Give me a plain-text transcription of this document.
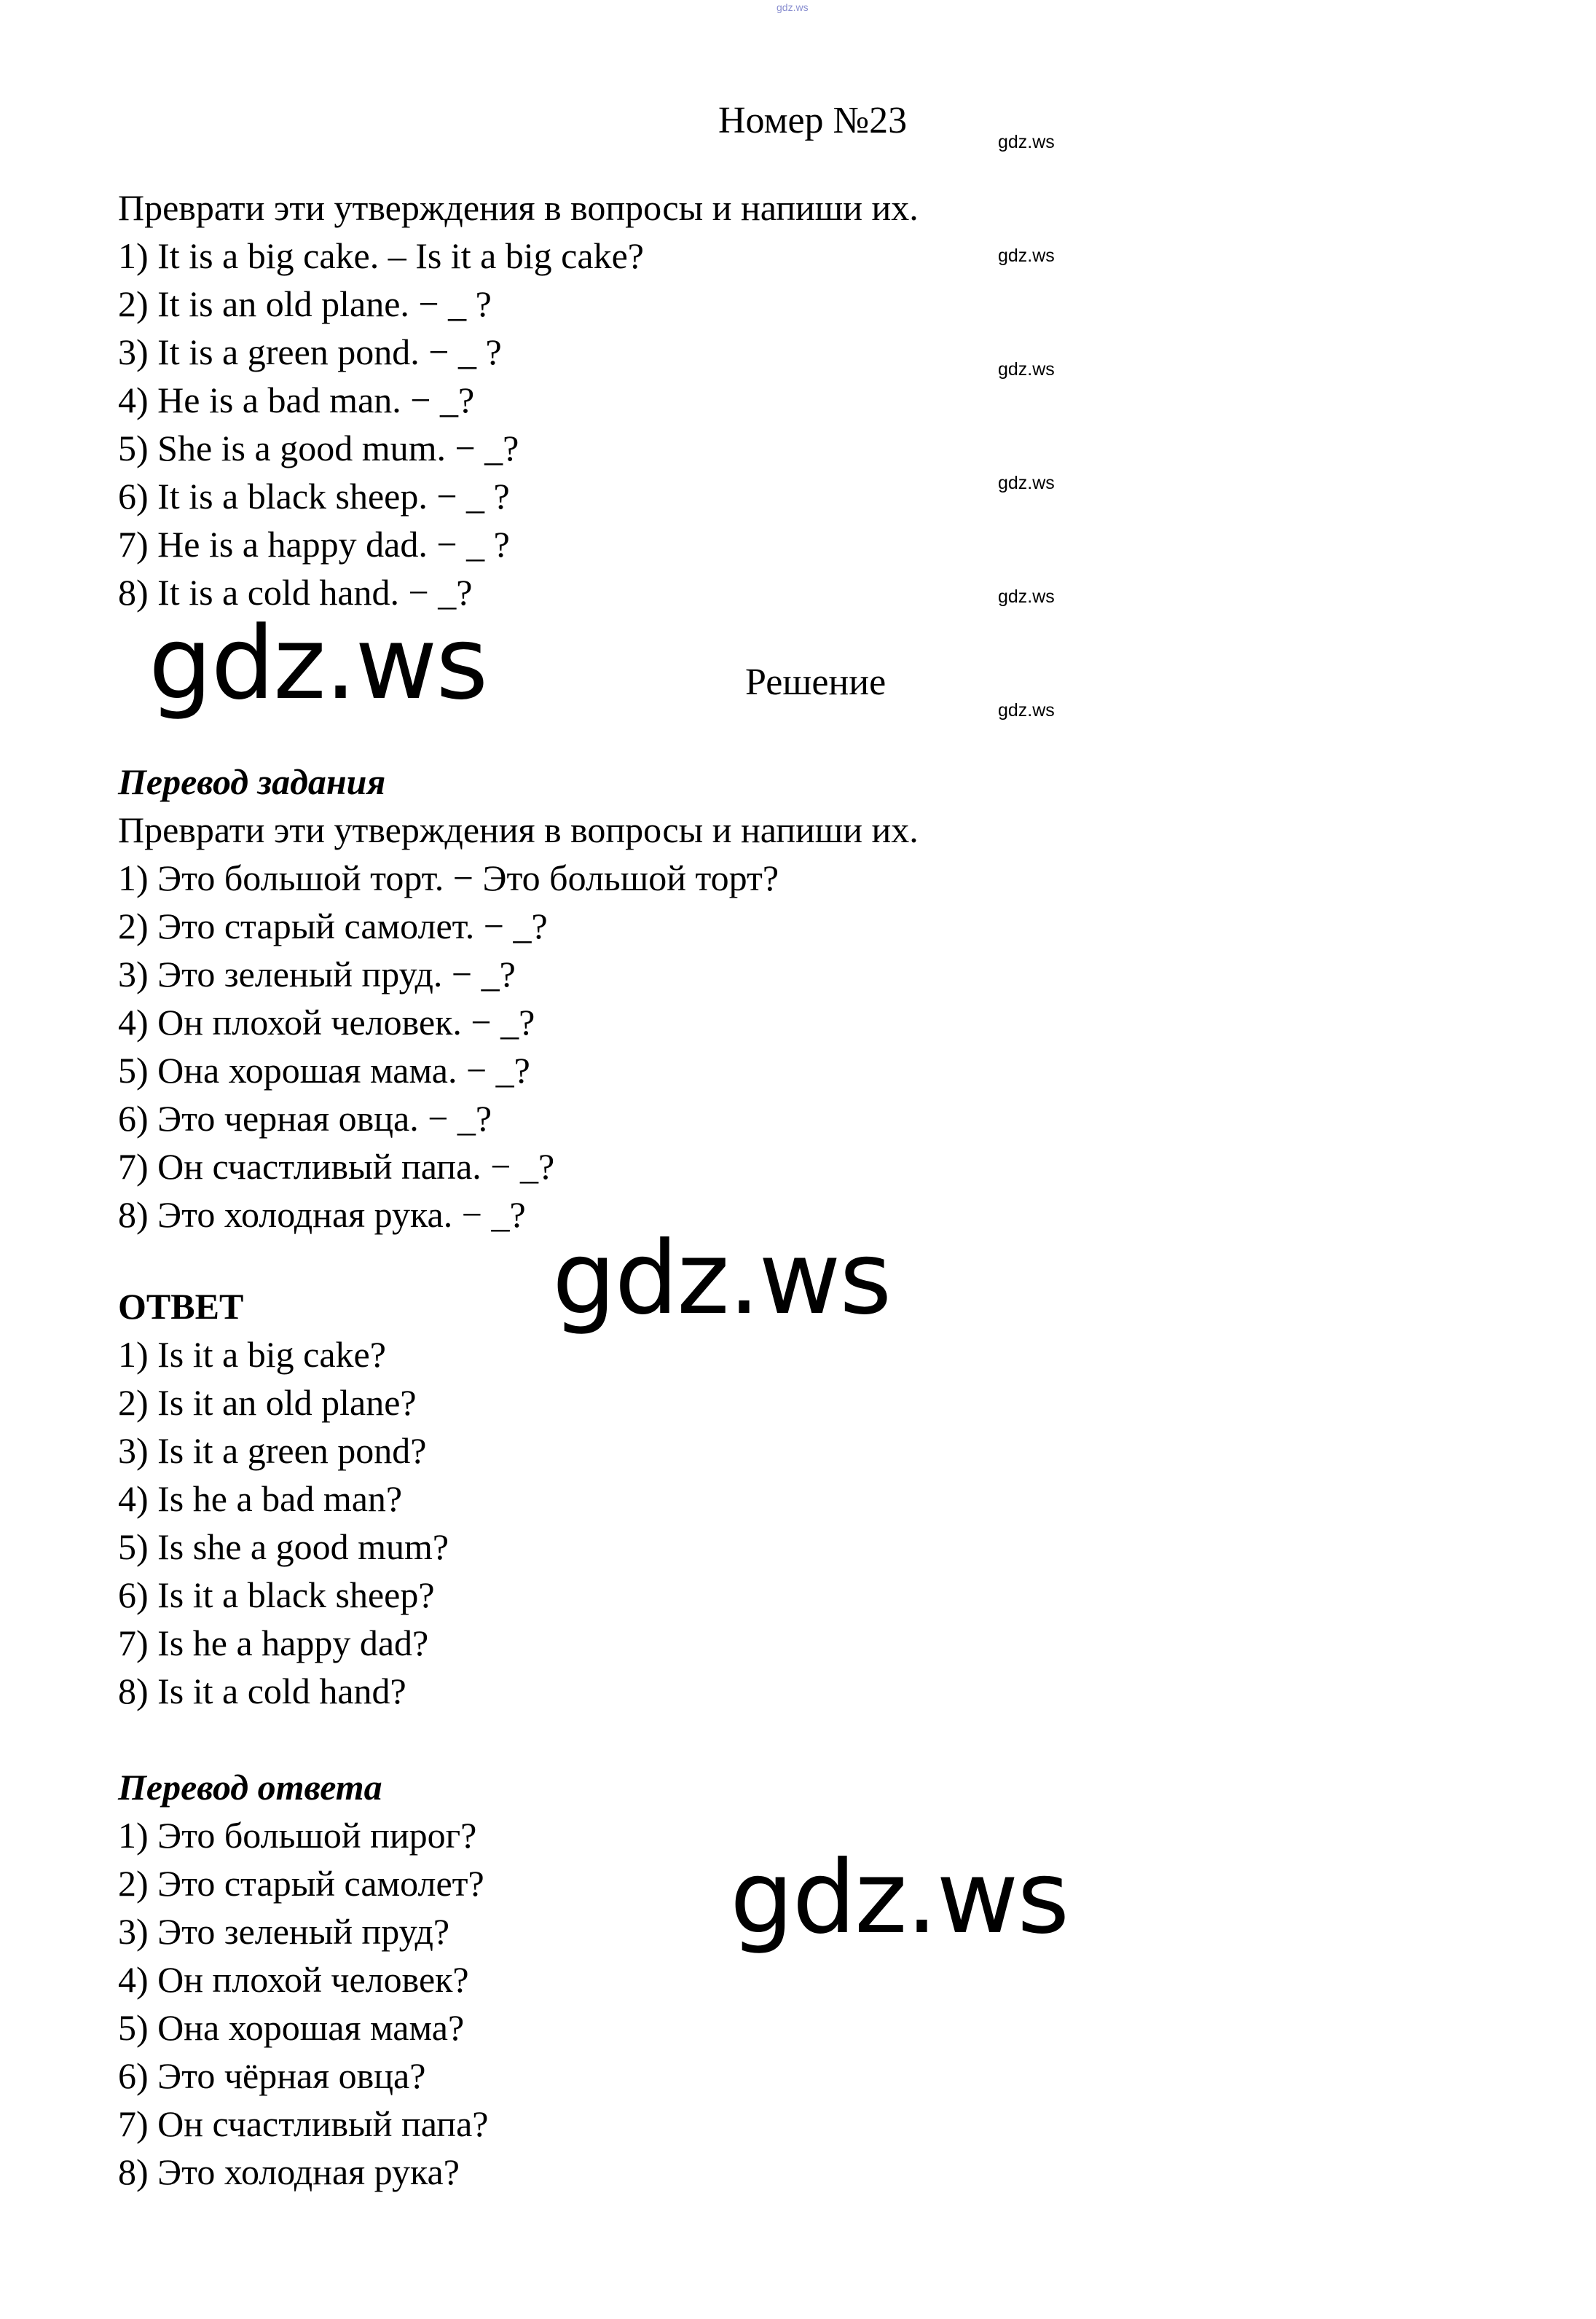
gdz.ws
Номер №23
gdz.ws
gdz.ws
gdz.ws
gdz.ws
gdz.ws
gdz.ws
Преврати эти утверждения в вопросы и напиши их.
1) It is a big cake. – Is it a big cake?
2) It is an old plane. − _ ?
3) It is a green pond. − _ ?
4) He is a bad man. − _?
5) She is a good mum. − _?
6) It is a black sheep. − _ ?
7) He is a happy dad. − _ ?
8) It is a cold hand. − _?
gdz.ws	Решение
Перевод задания
Преврати эти утверждения в вопросы и напиши их.
1) Это большой торт. − Это большой торт?
2) Это старый самолет. − _?
3) Это зеленый пруд. − _?
4) Он плохой человек. − _?
5) Она хорошая мама. − _?
6) Это черная овца. − _?
7) Он счастливый папа. − _?
8) Это холодная рука. − _?
gdz.ws
ОТВЕТ
1) Is it a big cake?
2) Is it an old plane?
3) Is it a green pond?
4) Is he a bad man?
5) Is she a good mum?
6) Is it a black sheep?
7) Is he a happy dad?
8) Is it a cold hand?
Перевод ответа
1) Это большой пирог?
2) Это старый самолет?
3) Это зеленый пруд?
4) Он плохой человек?
5) Она хорошая мама?
6) Это чёрная овца?
7) Он счастливый папа?
8) Это холодная рука?
gdz.ws
